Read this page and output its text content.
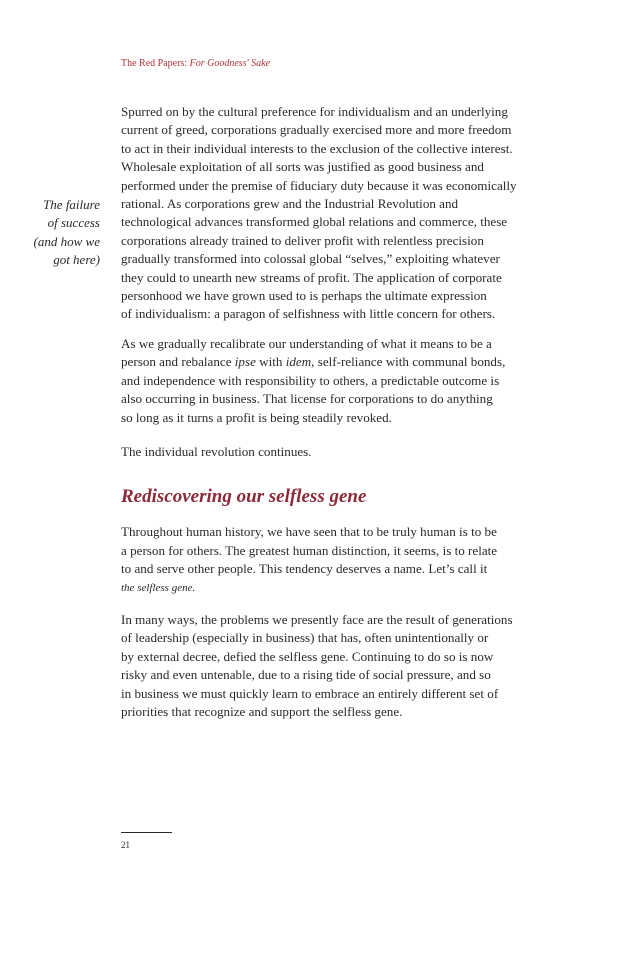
The Red Papers: For Goodness' Sake
The failure
of success
(and how we
got here)

Spurred on by the cultural preference for individualism and an underlying
current of greed, corporations gradually exercised more and more freedom
to act in their individual interests to the exclusion of the collective interest.
Wholesale exploitation of all sorts was justified as good business and
performed under the premise of fiduciary duty because it was economically
rational. As corporations grew and the Industrial Revolution and
technological advances transformed global relations and commerce, these
corporations already trained to deliver profit with relentless precision
gradually transformed into colossal global “selves,” exploiting whatever
they could to unearth new streams of profit. The application of corporate
personhood we have grown used to is perhaps the ultimate expression
of individualism: a paragon of selfishness with little concern for others.

As we gradually recalibrate our understanding of what it means to be a
person and rebalance ipse with idem, self-reliance with communal bonds,
and independence with responsibility to others, a predictable outcome is
also occurring in business. That license for corporations to do anything
so long as it turns a profit is being steadily revoked.

The individual revolution continues.

Rediscovering our selfless gene

Throughout human history, we have seen that to be truly human is to be
a person for others. The greatest human distinction, it seems, is to relate
to and serve other people. This tendency deserves a name. Let’s call it
the selfless gene.

In many ways, the problems we presently face are the result of generations
of leadership (especially in business) that has, often unintentionally or
by external decree, defied the selfless gene. Continuing to do so is now
risky and even untenable, due to a rising tide of social pressure, and so
in business we must quickly learn to embrace an entirely different set of
priorities that recognize and support the selfless gene.

21
